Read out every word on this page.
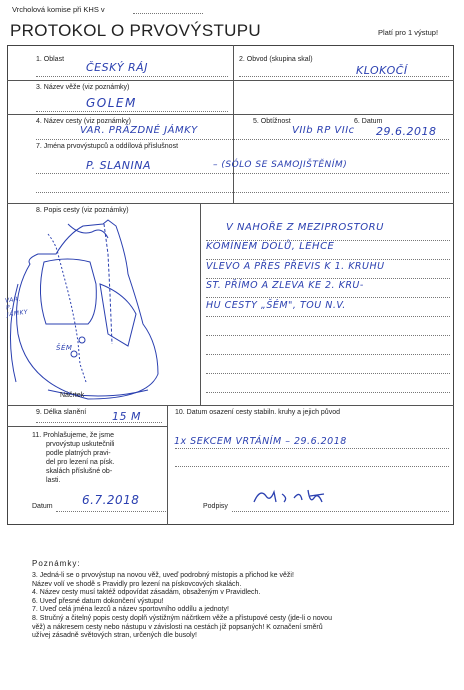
Vrcholová komise při KHS v
PROTOKOL O PRVOVÝSTUPU	Platí pro 1 výstup!
1. Oblast
ČESKÝ RÁJ
2. Obvod (skupina skal)
KLOKOČÍ
3. Název věže (viz poznámky)
GOLEM
4. Název cesty (viz poznámky)
VAR. PRÁZDNÉ JÁMKY
5. Obtížnost
VIIb RP VIIc
6. Datum
29.6.2018
7. Jména prvovýstupců a oddílová příslušnost
P. SLANINA	– (SÓLO SE SAMOJIŠTĚNÍM)
8. Popis cesty (viz poznámky)
VAR. P. JÁMKY
ŠÉM
Náčrtek
V NAHOŘE Z MEZIPROSTORU
KOMÍNEM DOLŮ, LEHCE
VLEVO A PŘES PŘEVIS K 1. KRUHU
ST. PŘÍMO A ZLEVA KE 2. KRU-
HU CESTY „ŠÉM", TOU N.V.
9. Délka slanění 15 M	10. Datum osazení cesty stabiln. kruhy a jejich původ
1x SEKCEM VRTÁNÍM – 29.6.2018
11. Prohlašujeme, že jsme
prvovýstup uskutečnili
podle platných pravi-
del pro lezení na písk.
skalách příslušné ob-
lasti.
Datum 6.7.2018	Podpisy
Poznámky:
3. Jedná-li se o prvovýstup na novou věž, uveď podrobný místopis a přichod ke věži!
Název volí ve shodě s Pravidly pro lezení na pískovcových skalách.
4. Název cesty musí taktéž odpovídat zásadám, obsaženým v Pravidlech.
6. Uveď přesné datum dokončení výstupu!
7. Uveď celá jména lezců a název sportovního oddílu a jednoty!
8. Stručný a čitelný popis cesty doplň výstižným náčrtkem věže a přístupové cesty (jde-li o novou
věž) a nákresem cesty nebo nástupu v závislosti na cestách již popsaných! K označení směrů
užívej zásadně světových stran, určených dle busoly!
